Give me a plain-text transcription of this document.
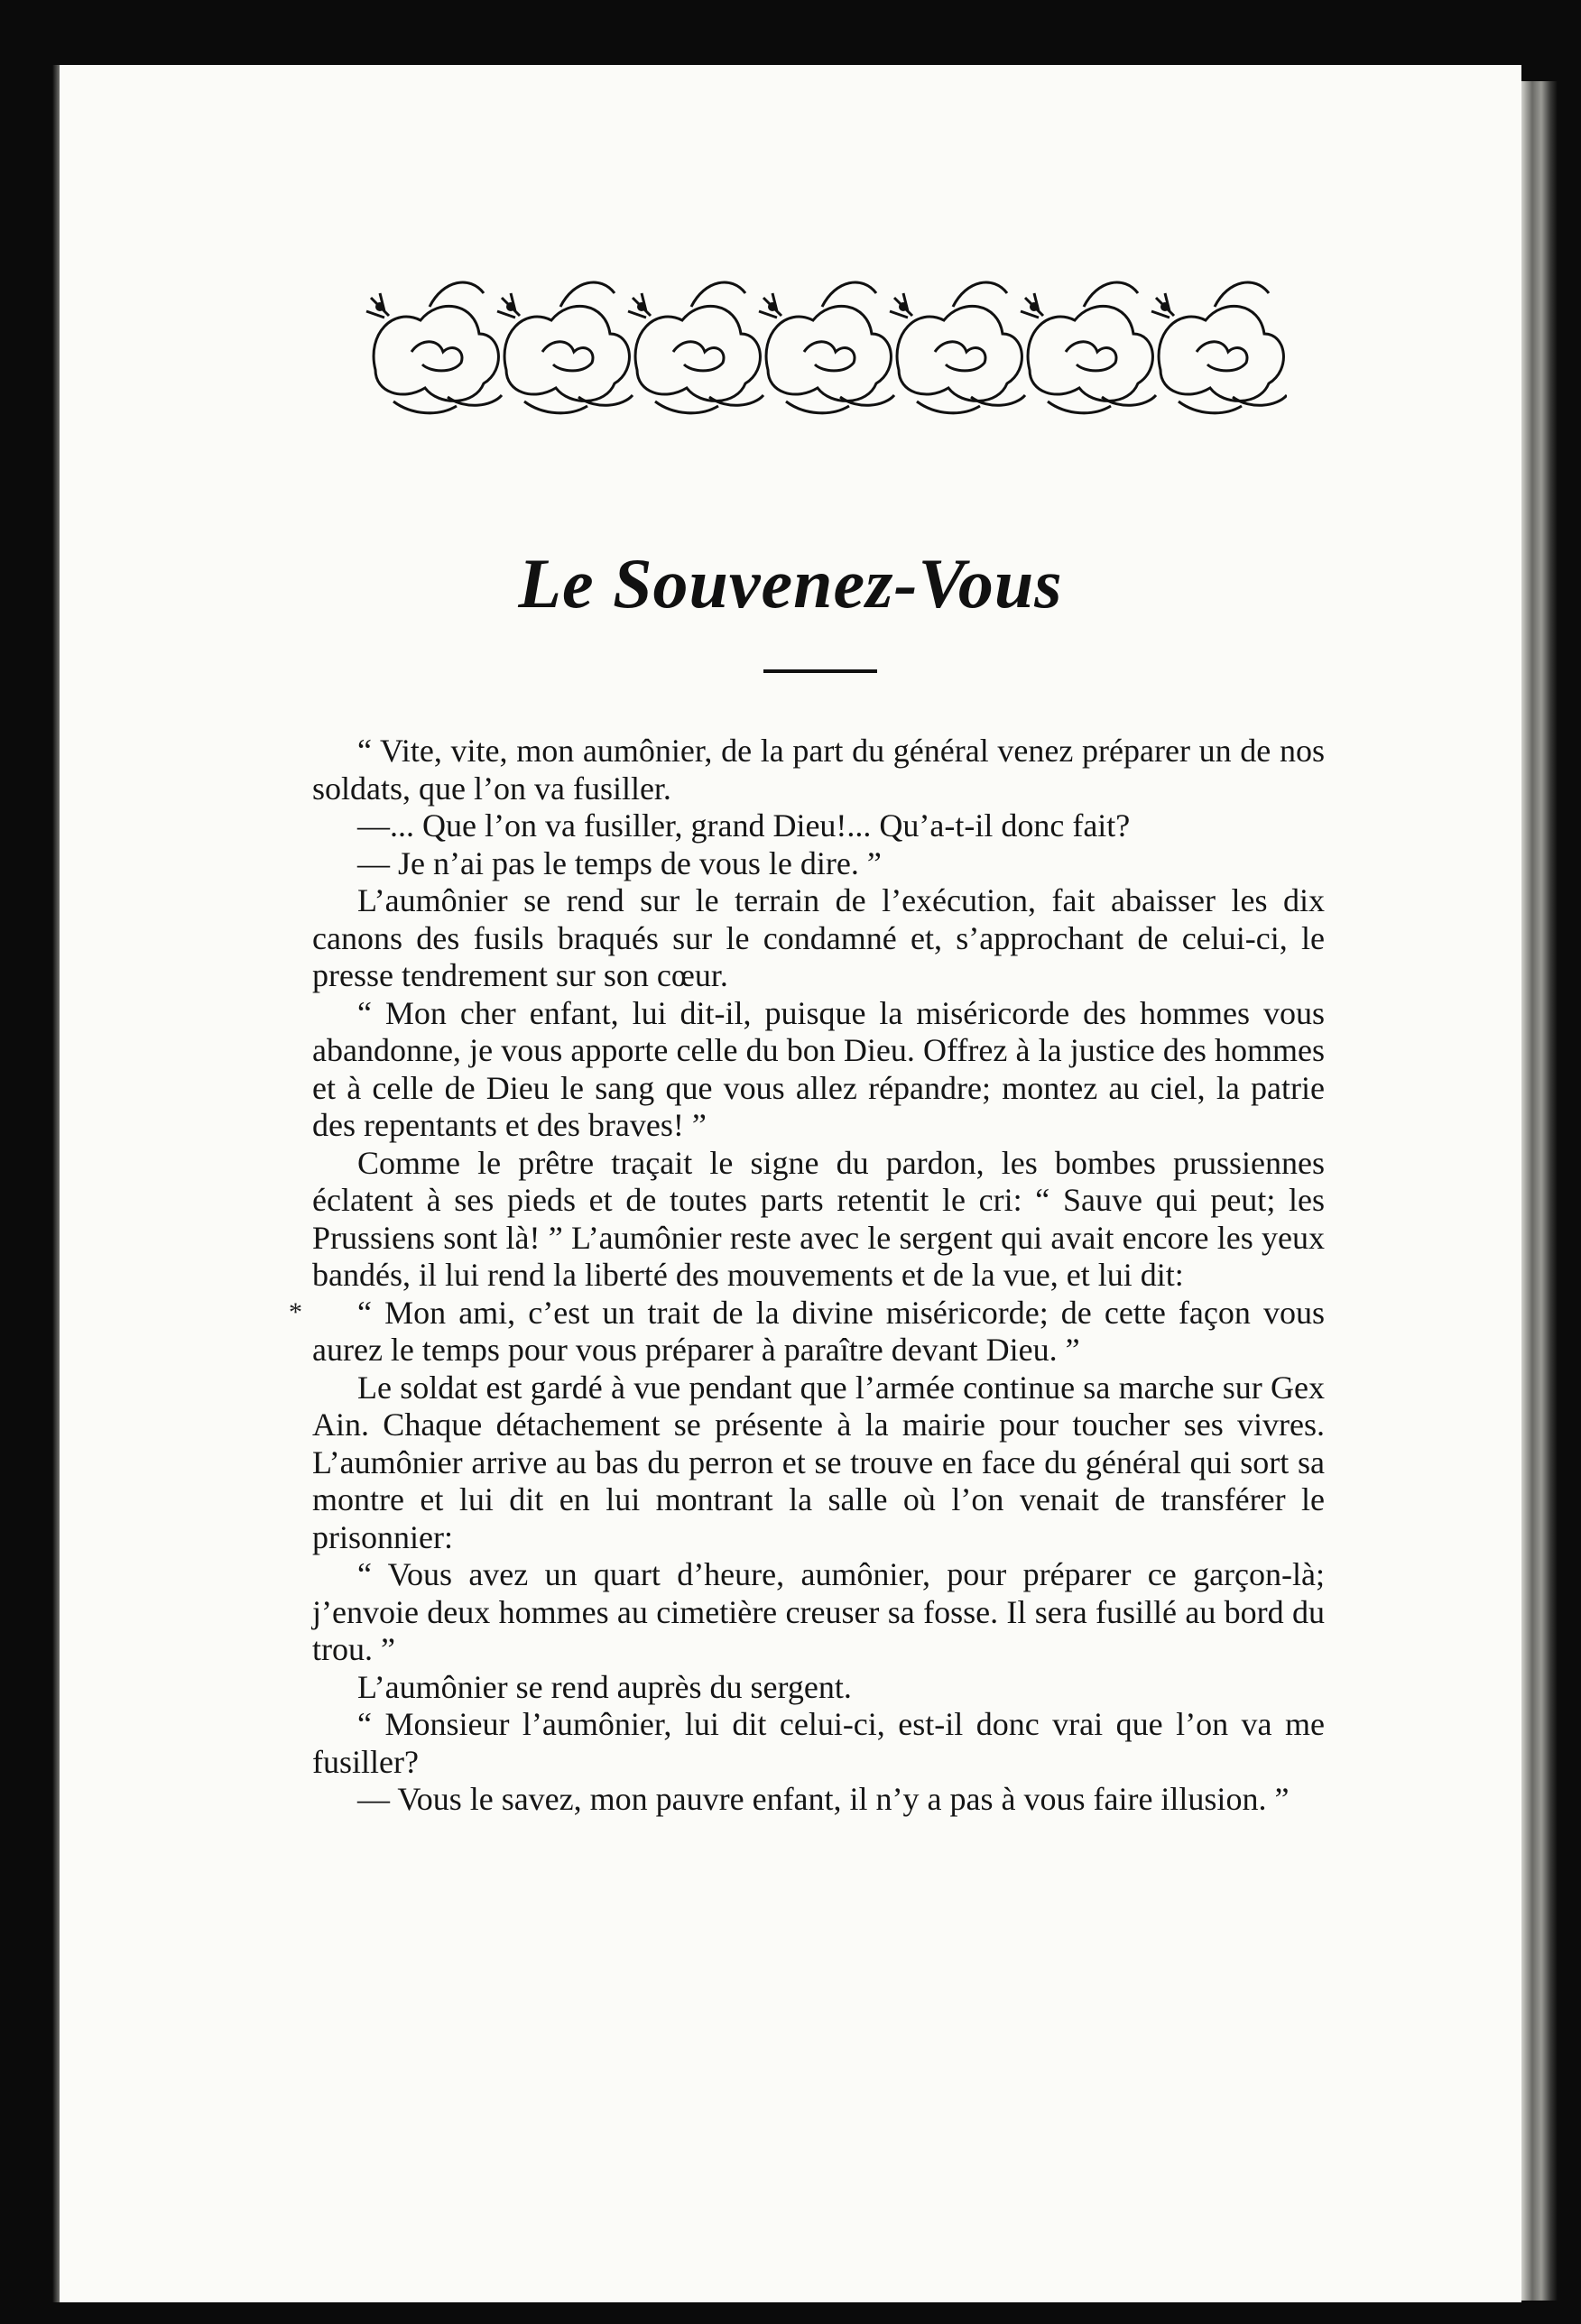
Le Souvenez-Vous
*

“ Vite, vite, mon aumônier, de la part du général venez préparer un de nos soldats, que l’on va fusiller.

—... Que l’on va fusiller, grand Dieu!... Qu’a-t-il donc fait?

— Je n’ai pas le temps de vous le dire. ”

L’aumônier se rend sur le terrain de l’exécution, fait abaisser les dix canons des fusils braqués sur le condamné et, s’approchant de celui-ci, le presse tendrement sur son cœur.

“ Mon cher enfant, lui dit-il, puisque la miséricorde des hommes vous abandonne, je vous apporte celle du bon Dieu. Offrez à la justice des hommes et à celle de Dieu le sang que vous allez répandre; montez au ciel, la patrie des repentants et des braves! ”

Comme le prêtre traçait le signe du pardon, les bombes prussiennes éclatent à ses pieds et de toutes parts retentit le cri: “ Sauve qui peut; les Prussiens sont là! ” L’aumônier reste avec le sergent qui avait encore les yeux bandés, il lui rend la liberté des mouvements et de la vue, et lui dit:

“ Mon ami, c’est un trait de la divine miséricorde; de cette façon vous aurez le temps pour vous préparer à paraître devant Dieu. ”

Le soldat est gardé à vue pendant que l’armée continue sa marche sur Gex Ain. Chaque détachement se présente à la mairie pour toucher ses vivres. L’aumônier arrive au bas du perron et se trouve en face du général qui sort sa montre et lui dit en lui montrant la salle où l’on venait de transférer le prisonnier:

“ Vous avez un quart d’heure, aumônier, pour préparer ce garçon-là; j’envoie deux hommes au cimetière creuser sa fosse. Il sera fusillé au bord du trou. ”

L’aumônier se rend auprès du sergent.

“ Monsieur l’aumônier, lui dit celui-ci, est-il donc vrai que l’on va me fusiller?

— Vous le savez, mon pauvre enfant, il n’y a pas à vous faire illusion. ”
